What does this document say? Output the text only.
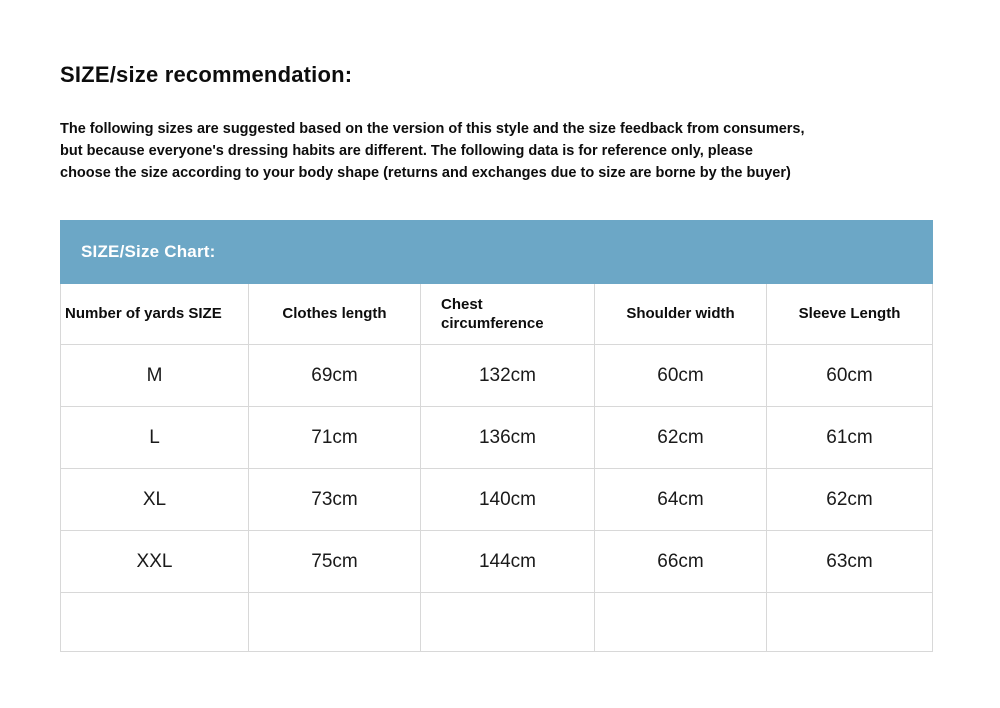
SIZE/size recommendation:
The following sizes are suggested based on the version of this style and the size feedback from consumers,
but because everyone's dressing habits are different. The following data is for reference only, please
choose the size according to your body shape (returns and exchanges due to size are borne by the buyer)
SIZE/Size Chart:				
Number of yards SIZE	Clothes length	Chest circumference	Shoulder width	Sleeve Length
M	69cm	132cm	60cm	60cm
L	71cm	136cm	62cm	61cm
XL	73cm	140cm	64cm	62cm
XXL	75cm	144cm	66cm	63cm
